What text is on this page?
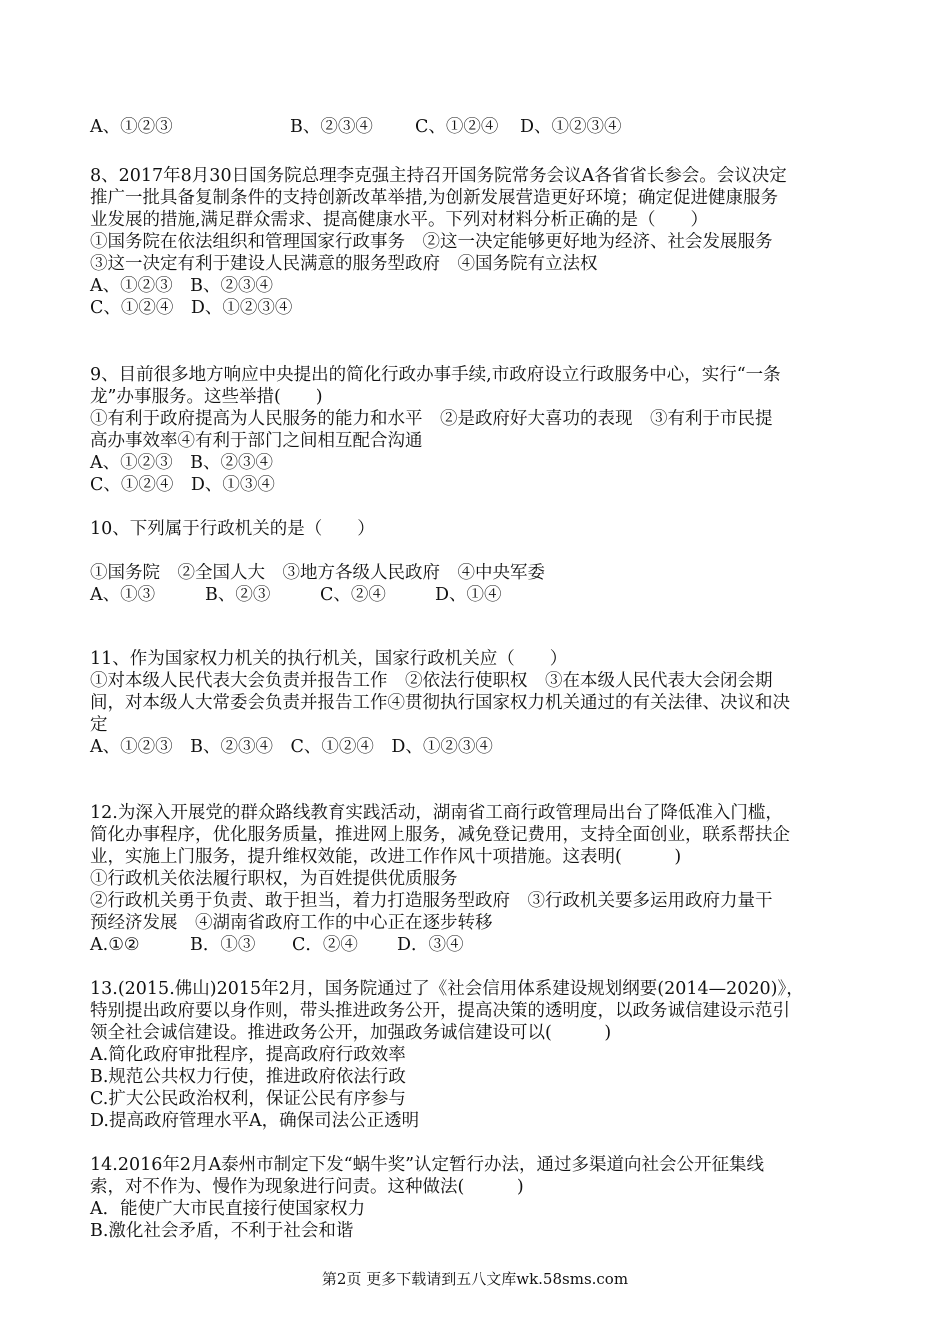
A、①②③	B、②③④ C、①②④ D、①②③④
8、2017年8月30日国务院总理李克强主持召开国务院常务会议A各省省长参会。会议决定
推广一批具备复制条件的支持创新改革举措,为创新发展营造更好环境；确定促进健康服务
业发展的措施,满足群众需求、提高健康水平。下列对材料分析正确的是（　　）
①国务院在依法组织和管理国家行政事务　②这一决定能够更好地为经济、社会发展服务
③这一决定有利于建设人民满意的服务型政府　④国务院有立法权
A、①②③　B、②③④
C、①②④　D、①②③④
9、目前很多地方响应中央提出的简化行政办事手续,市政府设立行政服务中心，实行“一条
龙”办事服务。这些举措(　　)
①有利于政府提高为人民服务的能力和水平　②是政府好大喜功的表现　③有利于市民提
高办事效率④有利于部门之间相互配合沟通
A、①②③　B、②③④
C、①②④　D、①③④
10、下列属于行政机关的是（　　）
①国务院　②全国人大　③地方各级人民政府　④中央军委
A、①③	B、②③	C、②④	D、①④
11、作为国家权力机关的执行机关，国家行政机关应（　　）
①对本级人民代表大会负责并报告工作　②依法行使职权　③在本级人民代表大会闭会期
间，对本级人大常委会负责并报告工作④贯彻执行国家权力机关通过的有关法律、决议和决
定
A、①②③　B、②③④　C、①②④　D、①②③④
12.为深入开展党的群众路线教育实践活动，湖南省工商行政管理局出台了降低准入门槛，
简化办事程序，优化服务质量，推进网上服务，减免登记费用，支持全面创业，联系帮扶企
业，实施上门服务，提升维权效能，改进工作作风十项措施。这表明(　　　)
①行政机关依法履行职权，为百姓提供优质服务
②行政机关勇于负责、敢于担当，着力打造服务型政府　③行政机关要多运用政府力量干
预经济发展　④湖南省政府工作的中心正在逐步转移
A.①②	B．①③ C．②④ D．③④
13.(2015.佛山)2015年2月，国务院通过了《社会信用体系建设规划纲要(2014—2020)》，
特别提出政府要以身作则，带头推进政务公开，提高决策的透明度，以政务诚信建设示范引
领全社会诚信建设。推进政务公开，加强政务诚信建设可以(　　　)
A.简化政府审批程序，提高政府行政效率
B.规范公共权力行使，推进政府依法行政
C.扩大公民政治权利，保证公民有序参与
D.提高政府管理水平A，确保司法公正透明
14.2016年2月A泰州市制定下发“蜗牛奖”认定暂行办法，通过多渠道向社会公开征集线
索，对不作为、慢作为现象进行问责。这种做法(　　　)
A．能使广大市民直接行使国家权力
B.激化社会矛盾，不利于社会和谐
第2页 更多下载请到五八文库wk.58sms.com
